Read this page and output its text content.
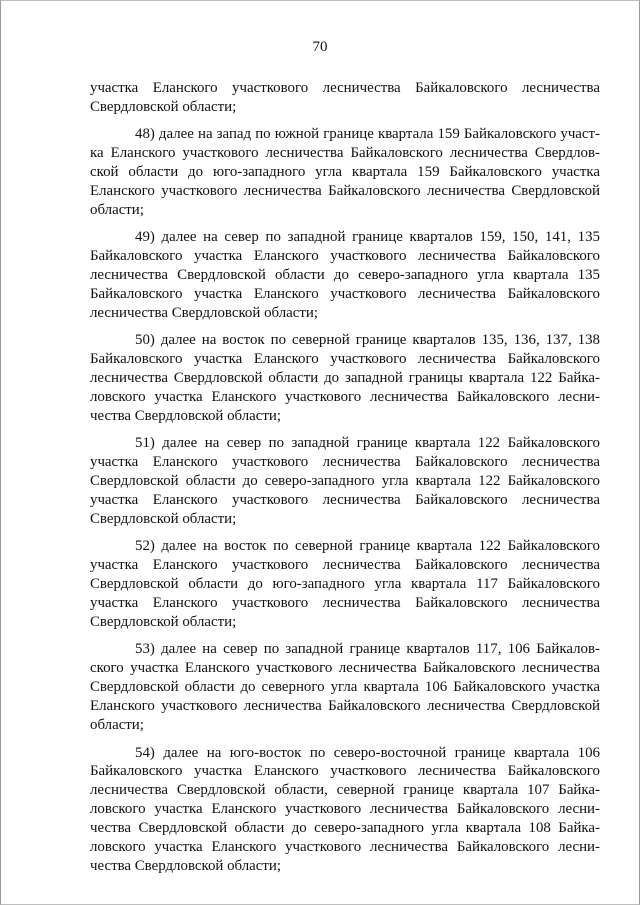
70

участка Еланского участкового лесничества Байкаловского лесничества Свердловской области;

48) далее на запад по южной границе квартала 159 Байкаловского участка Еланского участкового лесничества Байкаловского лесничества Свердловской области до юго-западного угла квартала 159 Байкаловского участка Еланского участкового лесничества Байкаловского лесничества Свердловской области;

49) далее на север по западной границе кварталов 159, 150, 141, 135 Байкаловского участка Еланского участкового лесничества Байкаловского лесничества Свердловской области до северо-западного угла квартала 135 Байкаловского участка Еланского участкового лесничества Байкаловского лесничества Свердловской области;

50) далее на восток по северной границе кварталов 135, 136, 137, 138 Байкаловского участка Еланского участкового лесничества Байкаловского лесничества Свердловской области до западной границы квартала 122 Байкаловского участка Еланского участкового лесничества Байкаловского лесничества Свердловской области;

51) далее на север по западной границе квартала 122 Байкаловского участка Еланского участкового лесничества Байкаловского лесничества Свердловской области до северо-западного угла квартала 122 Байкаловского участка Еланского участкового лесничества Байкаловского лесничества Свердловской области;

52) далее на восток по северной границе квартала 122 Байкаловского участка Еланского участкового лесничества Байкаловского лесничества Свердловской области до юго-западного угла квартала 117 Байкаловского участка Еланского участкового лесничества Байкаловского лесничества Свердловской области;

53) далее на север по западной границе кварталов 117, 106 Байкаловского участка Еланского участкового лесничества Байкаловского лесничества Свердловской области до северного угла квартала 106 Байкаловского участка Еланского участкового лесничества Байкаловского лесничества Свердловской области;

54) далее на юго-восток по северо-восточной границе квартала 106 Байкаловского участка Еланского участкового лесничества Байкаловского лесничества Свердловской области, северной границе квартала 107 Байкаловского участка Еланского участкового лесничества Байкаловского лесничества Свердловской области до северо-западного угла квартала 108 Байкаловского участка Еланского участкового лесничества Байкаловского лесничества Свердловской области;
